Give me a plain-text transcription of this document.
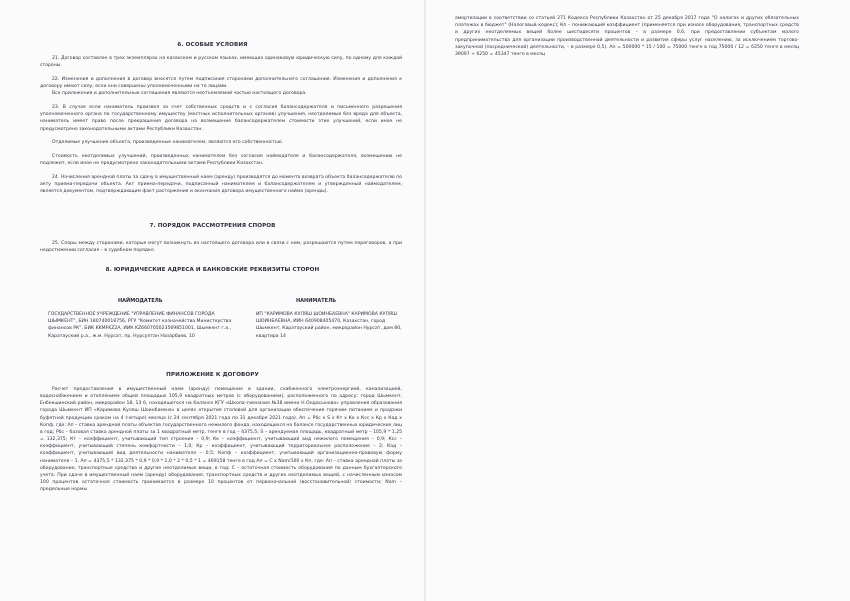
6. ОСОБЫЕ УСЛОВИЯ
21. Договор составлен в трех экземплярах на казахском и русском языках, имеющих одинаковую юридическую силу, по одному для каждой стороны.
22. Изменения и дополнения в договор вносятся путем подписания сторонами дополнительного соглашения. Изменения и дополнения к договору имеют силу, если они совершены уполномоченными на то лицами.
Все приложения и дополнительные соглашения являются неотъемлемой частью настоящего договора.
23. В случае если наниматель произвел за счет собственных средств и с согласия балансодержателя и письменного разрешения уполномоченного органа по государственному имуществу (местных исполнительных органов) улучшения, неотделимые без вреда для объекта, наниматель имеет право после прекращения договора на возмещение балансодержателем стоимости этих улучшений, если иное не предусмотрено законодательными актами Республики Казахстан.
Отделимые улучшения объекта, произведенные нанимателем, являются его собственностью.
Стоимость неотделимых улучшений, произведенных нанимателем без согласия наймодателя и балансодержателя, возмещению не подлежит, если иное не предусмотрено законодательными актами Республики Казахстан.
24. Начисления арендной платы за сдачу в имущественный наем (аренду) производятся до момента возврата объекта балансодержателю по акту приема-передачи объекта. Акт приема-передачи, подписанный нанимателем и балансодержателем и утвержденный наймодателем, является документом, подтверждающим факт расторжения и окончания договора имущественного найма (аренды).
7. ПОРЯДОК РАССМОТРЕНИЯ СПОРОВ
25. Споры между сторонами, которые могут возникнуть из настоящего договора или в связи с ним, разрешаются путем переговоров, а при недостижении согласия – в судебном порядке.
8. ЮРИДИЧЕСКИЕ АДРЕСА И БАНКОВСКИЕ РЕКВИЗИТЫ СТОРОН
НАЙМОДАТЕЛЬ
ГОСУДАРСТВЕННОЕ УЧРЕЖДЕНИЕ "УПРАВЛЕНИЕ ФИНАНСОВ ГОРОДА ШЫМКЕНТ", БИН 180740018756, РГУ "Комитет казначейства Министерства финансов РК", БИК KKMFKZ2A, ИИК KZ660705023569851001, Шымкент г.а., Каратауский р.а., ж.м. Нурсат, пр. Нурсултан Назарбаев, 10
НАНИМАТЕЛЬ
ИП "КАРИМОВА КУЛЯШ ШОИНБАЕВНА" КАРИМОВА КУЛЯШ ШОИНБАЕВНА, ИИН 640908405470, Казахстан, город Шымкент, Каратауский район, микрорайон Нурсат, дом 80, квартира 14
ПРИЛОЖЕНИЕ К ДОГОВОРУ
Расчет предоставления в имущественный наем (аренду) помещение в здании, снабженного электроэнергией, канализацией, водоснабжением и отоплением общей площадью 105,9 квадратных метров (с оборудованием), расположенного по адресу: город Шымкент, Енбекшинский район, микрорайон 18, 13 б, находящегося на балансе КГУ «Школа–гимназия №38 имени Н.Ондасынова» управления образования города Шымкент ИП «Каримова Куляш Шоинбаевна» в целях открытия столовой для организации обеспечения горячим питанием и продажи буфетной продукции сроком на 4 (четыре) месяца (с 24 сентября 2021 года по 31 декабря 2021 года). Ап = Рбс х S х Кт х Кк х Ксс х Кр х Кад х Копф, где: Ап – ставка арендной платы объектов государственного нежилого фонда, находящихся на балансе государственных юридических лиц в год; Рбс – базовая ставка арендной платы за 1 квадратный метр, тенге в год – 4375,5; S – арендуемая площадь, квадратный метр – 105,9 * 1,25 = 132,375; Кт – коэффициент, учитывающий тип строения – 0,9; Кк – коэффициент, учитывающий вид нежилого помещения – 0,9; Ксс – коэффициент, учитывающий степень комфортности – 1,0; Кр – коэффициент, учитывающий территориальное расположение – 2; Кад – коэффициент, учитывающий вид деятельности нанимателя – 0,5; Копф – коэффициент, учитывающий организационно-правовую форму нанимателя – 1. Ап = 4375,5 * 132,375 * 0,9 * 0,9 * 1,0 * 2 * 0,5 * 1 = 469158 тенге в год Ап = С х Nam/100 х Кп, где: Ап – ставка арендной платы за оборудование, транспортные средства и другие неотделимые вещи, в год; С – остаточная стоимость оборудования по данным бухгалтерского учета. При сдаче в имущественный наем (аренду) оборудования, транспортных средств и других неотделимых вещей, с начисленным износом 100 процентов остаточная стоимость принимается в размере 10 процентов от первоначальной (восстановительной) стоимости; Nam – предельные нормы
амортизации в соответствии со статьей 271 Кодекса Республики Казахстан от 25 декабря 2017 года "О налогах и других обязательных платежах в бюджет" (Налоговый кодекс); Кп – понижающий коэффициент (применяется при износе оборудования, транспортных средств и других неотделяемых вещей более шестидесяти процентов – в размере 0,6, при предоставлении субъектам малого предпринимательства для организации производственной деятельности и развития сферы услуг населению, за исключением торгово-закупочной (посреднической) деятельности, – в размере 0,5). Ап = 500000 * 15 / 100 = 75000 тенге в год 75000 / 12 = 6250 тенге в месяц 39097 + 6250 = 45347 тенге в месяц
